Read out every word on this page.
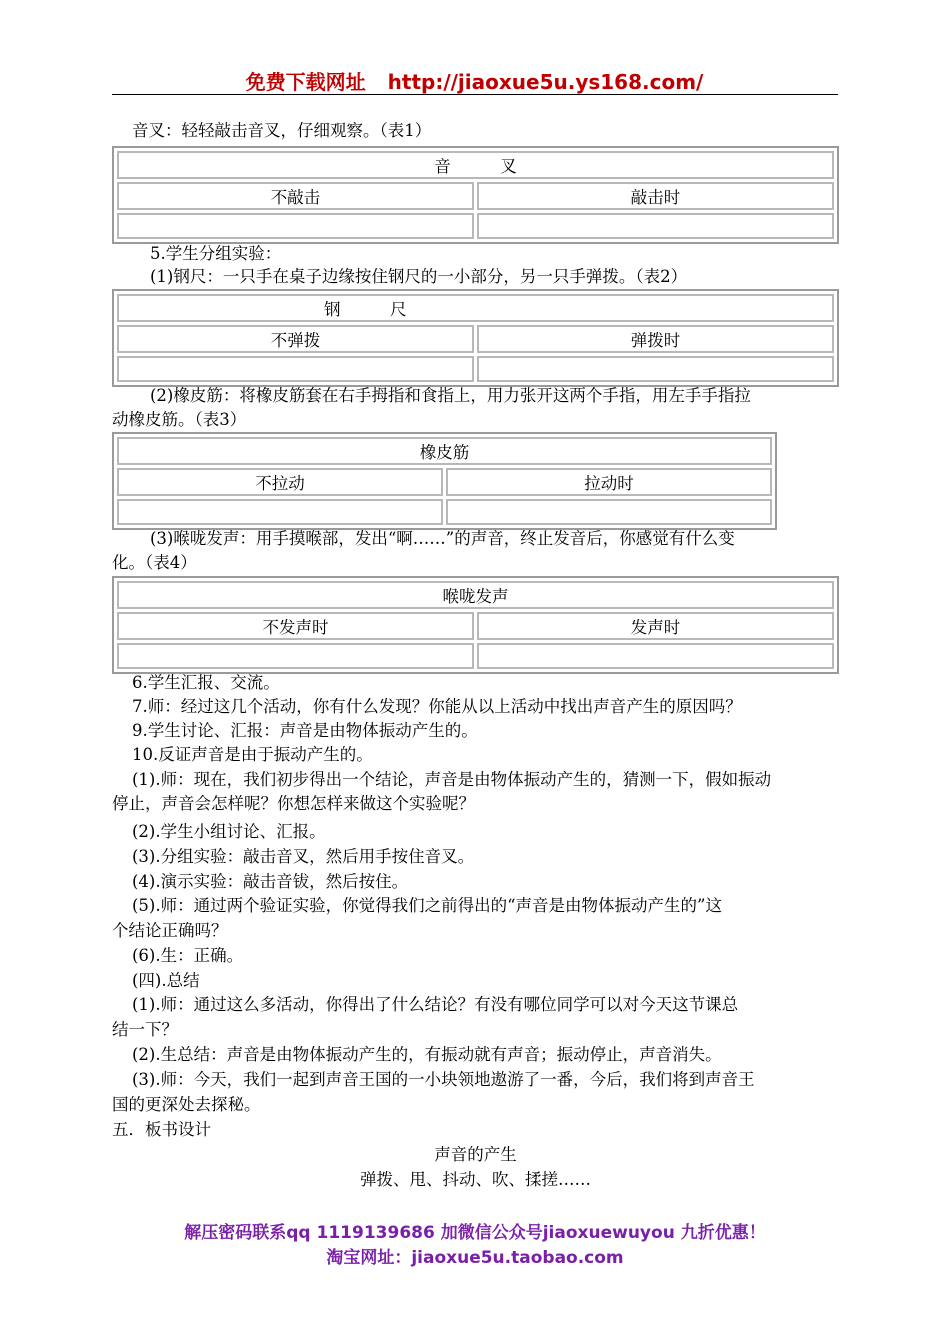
免费下载网址 http://jiaoxue5u.ys168.com/
音叉：轻轻敲击音叉，仔细观察。（表1）
音　　　叉	
不敲击	敲击时

5.学生分组实验：
(1)钢尺：一只手在桌子边缘按住钢尺的一小部分，另一只手弹拨。（表2）
钢　　　尺	
不弹拨	弹拨时

(2)橡皮筋：将橡皮筋套在右手拇指和食指上，用力张开这两个手指，用左手手指拉
动橡皮筋。（表3）
橡皮筋	
不拉动	拉动时

(3)喉咙发声：用手摸喉部，发出“啊……”的声音，终止发音后，你感觉有什么变
化。（表4）
喉咙发声	
不发声时	发声时

6.学生汇报、交流。
7.师：经过这几个活动，你有什么发现？你能从以上活动中找出声音产生的原因吗？
9.学生讨论、汇报：声音是由物体振动产生的。
10.反证声音是由于振动产生的。
(1).师：现在，我们初步得出一个结论，声音是由物体振动产生的，猜测一下，假如振动
停止，声音会怎样呢？你想怎样来做这个实验呢？
(2).学生小组讨论、汇报。
(3).分组实验：敲击音叉，然后用手按住音叉。
(4).演示实验：敲击音钹，然后按住。
(5).师：通过两个验证实验，你觉得我们之前得出的“声音是由物体振动产生的”这
个结论正确吗？
(6).生：正确。
(四).总结
(1).师：通过这么多活动，你得出了什么结论？有没有哪位同学可以对今天这节课总
结一下？
(2).生总结：声音是由物体振动产生的，有振动就有声音；振动停止，声音消失。
(3).师：今天，我们一起到声音王国的一小块领地遨游了一番，今后，我们将到声音王
国的更深处去探秘。
五．板书设计
声音的产生
弹拨、甩、抖动、吹、揉搓……
解压密码联系qq 1119139686 加微信公众号jiaoxuewuyou 九折优惠！
淘宝网址：jiaoxue5u.taobao.com
